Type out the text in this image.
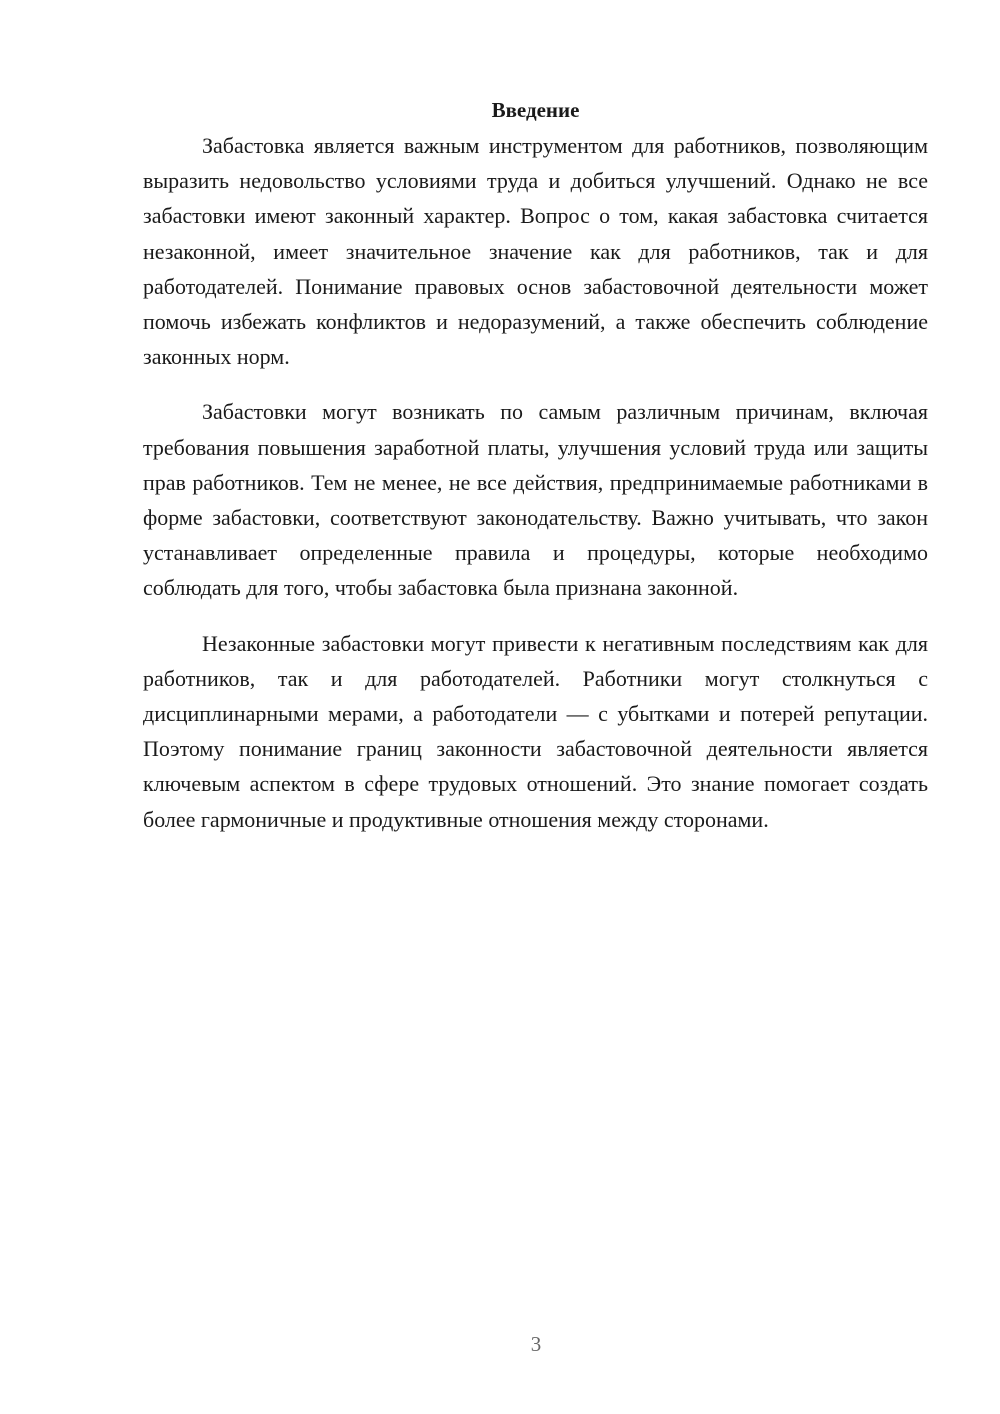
Введение

Забастовка является важным инструментом для работников, позволяющим выразить недовольство условиями труда и добиться улучшений. Однако не все забастовки имеют законный характер. Вопрос о том, какая забастовка считается незаконной, имеет значительное значение как для работников, так и для работодателей. Понимание правовых основ забастовочной деятельности может помочь избежать конфликтов и недоразумений, а также обеспечить соблюдение законных норм.

Забастовки могут возникать по самым различным причинам, включая требования повышения заработной платы, улучшения условий труда или защиты прав работников. Тем не менее, не все действия, предпринимаемые работниками в форме забастовки, соответствуют законодательству. Важно учитывать, что закон устанавливает определенные правила и процедуры, которые необходимо соблюдать для того, чтобы забастовка была признана законной.

Незаконные забастовки могут привести к негативным последствиям как для работников, так и для работодателей. Работники могут столкнуться с дисциплинарными мерами, а работодатели — с убытками и потерей репутации. Поэтому понимание границ законности забастовочной деятельности является ключевым аспектом в сфере трудовых отношений. Это знание помогает создать более гармоничные и продуктивные отношения между сторонами.

3
